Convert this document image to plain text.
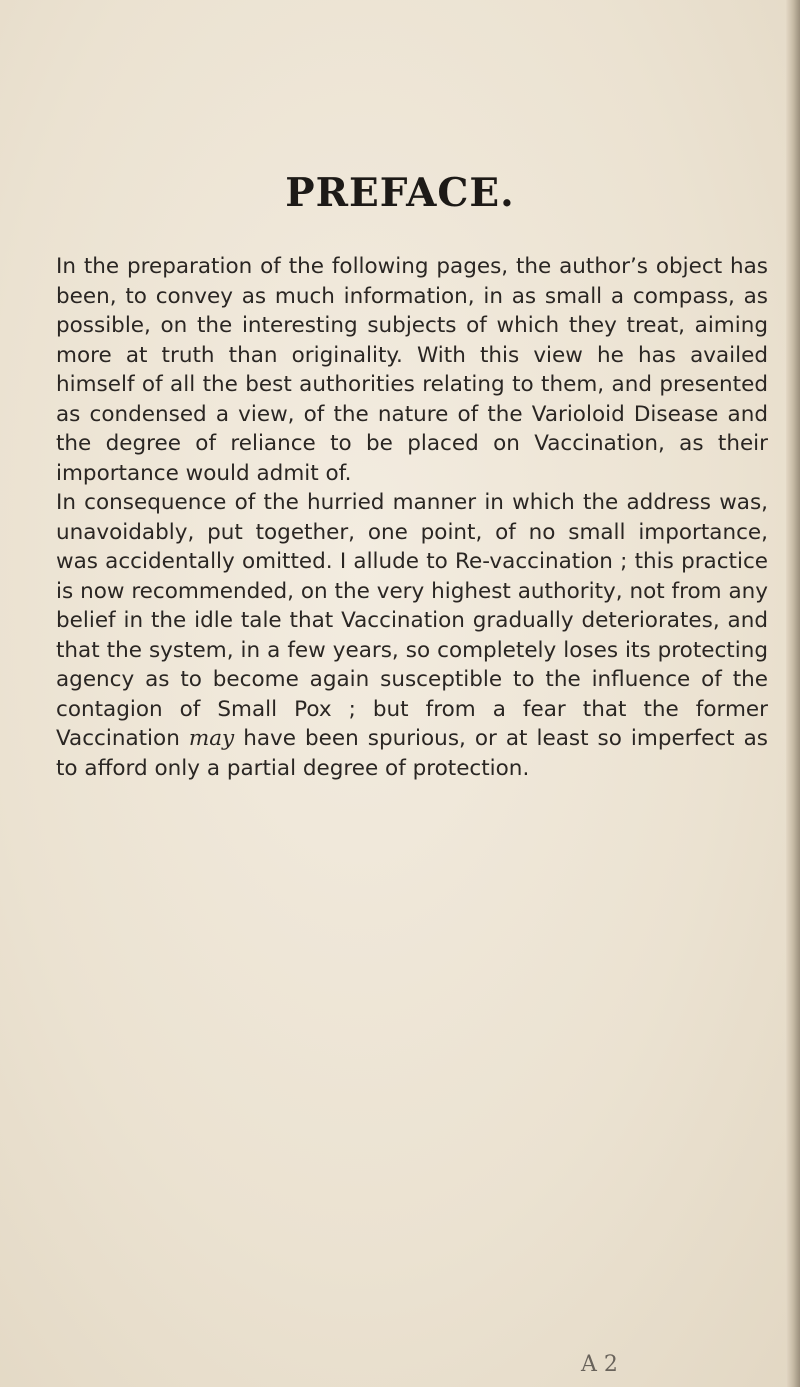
PREFACE.

In the preparation of the following pages, the author’s object has been, to convey as much information, in as small a compass, as possible, on the interesting subjects of which they treat, aiming more at truth than originality. With this view he has availed himself of all the best authorities relating to them, and presented as condensed a view, of the nature of the Varioloid Disease and the degree of reliance to be placed on Vaccination, as their importance would admit of.

In consequence of the hurried manner in which the address was, unavoidably, put together, one point, of no small importance, was accidentally omitted. I allude to Re-vaccination ; this practice is now recommended, on the very highest authority, not from any belief in the idle tale that Vaccination gradually deteriorates, and that the system, in a few years, so completely loses its protecting agency as to become again susceptible to the influence of the contagion of Small Pox ; but from a fear that the former Vaccination may have been spurious, or at least so imperfect as to afford only a partial degree of protection.

A 2
